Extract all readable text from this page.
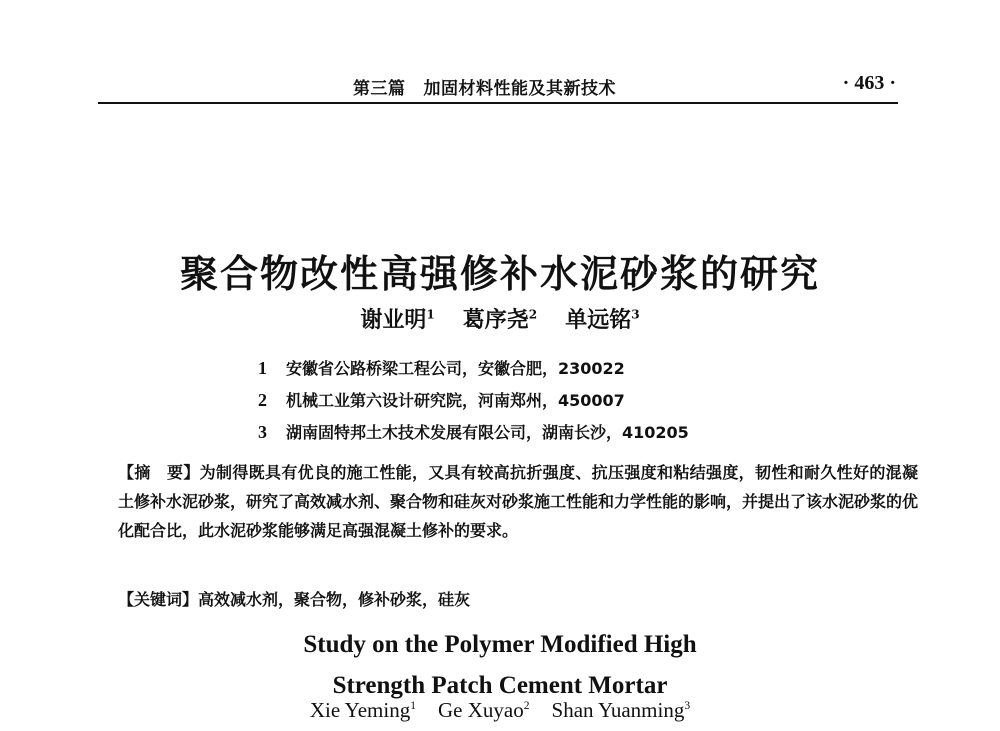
第三篇 加固材料性能及其新技术	· 463 ·
聚合物改性高强修补水泥砂浆的研究
谢业明$^1$ 葛序尧$^2$ 单远铭$^3$
1 安徽省公路桥梁工程公司，安徽合肥，230022
2 机械工业第六设计研究院，河南郑州，450007
3 湖南固特邦土木技术发展有限公司，湖南长沙，410205
【摘　要】为制得既具有优良的施工性能，又具有较高抗折强度、抗压强度和粘结强度，韧性和耐久性好的混凝土修补水泥砂浆，研究了高效减水剂、聚合物和硅灰对砂浆施工性能和力学性能的影响，并提出了该水泥砂浆的优化配合比，此水泥砂浆能够满足高强混凝土修补的要求。
【关键词】高效减水剂，聚合物，修补砂浆，硅灰
Study on the Polymer Modified High
Strength Patch Cement Mortar
Xie Yeming$^1$ Ge Xuyao$^2$ Shan Yuanming$^3$
